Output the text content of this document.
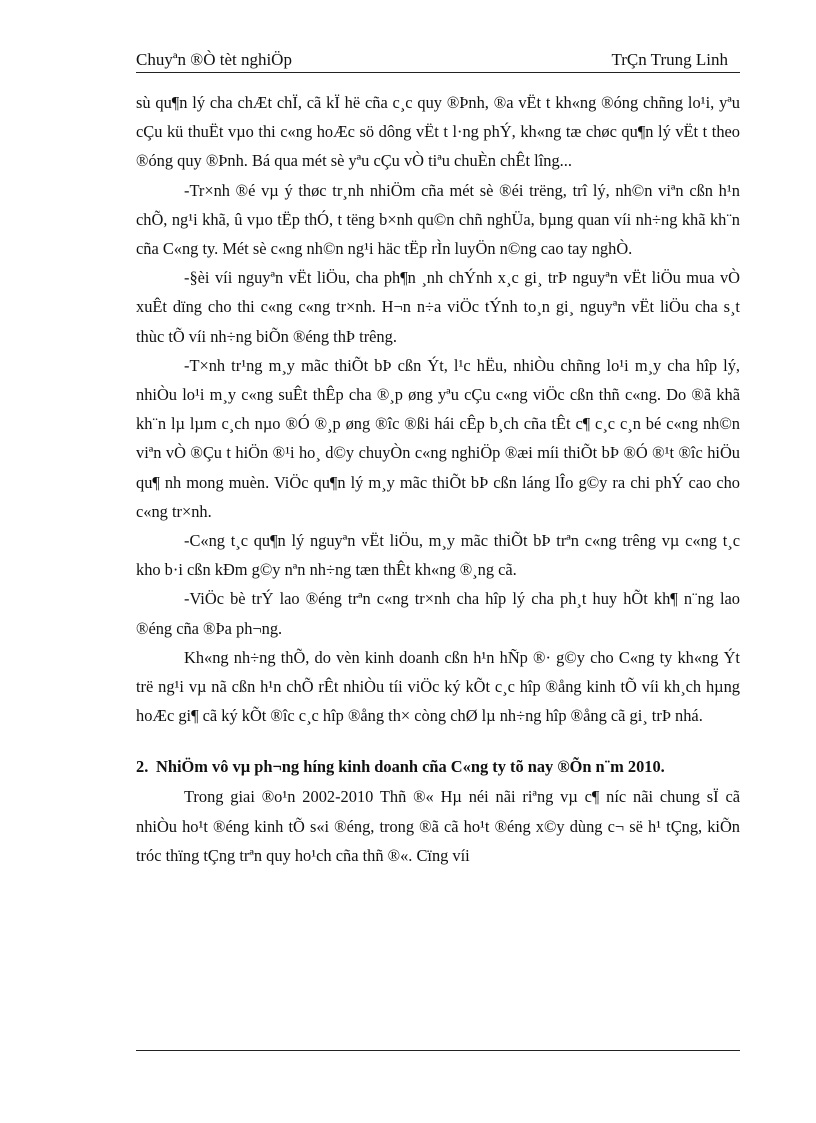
Chuyªn ®Ò tèt nghiÖp	TrÇn Trung Linh

sù qu¶n lý cha chÆt chÏ, cã kÏ hë cña c¸c quy ®Þnh, ®a vËt t kh«ng ®óng chñng lo¹i, yªu cÇu kü thuËt vµo thi c«ng hoÆc sö dông vËt t l·ng phÝ, kh«ng tæ chøc qu¶n lý vËt t theo ®óng quy ®Þnh. Bá qua mét sè yªu cÇu vÒ tiªu chuÈn chÊt lîng...

-Tr×nh ®é vµ ý thøc tr¸nh nhiÖm cña mét sè ®éi trëng, trî lý, nh©n viªn cßn h¹n chÕ, ng¹i khã, û vµo tËp thÓ, t tëng b×nh qu©n chñ nghÜa, bµng quan víi nh÷ng khã kh¨n cña C«ng ty. Mét sè c«ng nh©n ng¹i häc tËp rÌn luyÖn n©ng cao tay nghÒ.

-§èi víi nguyªn vËt liÖu, cha ph¶n ¸nh chÝnh x¸c gi¸ trÞ nguyªn vËt liÖu mua vÒ xuÊt dïng cho thi c«ng c«ng tr×nh. H¬n n÷a viÖc tÝnh to¸n gi¸ nguyªn vËt liÖu cha s¸t thùc tÕ víi nh÷ng biÕn ®éng thÞ trêng.

-T×nh tr¹ng m¸y mãc thiÕt bÞ cßn Ýt, l¹c hËu, nhiÒu chñng lo¹i m¸y cha hîp lý, nhiÒu lo¹i m¸y c«ng suÊt thÊp cha ®¸p øng yªu cÇu c«ng viÖc cßn thñ c«ng. Do ®ã khã kh¨n lµ lµm c¸ch nµo ®Ó ®¸p øng ®îc ®ßi hái cÊp b¸ch cña tÊt c¶ c¸c c¸n bé c«ng nh©n viªn vÒ ®Çu t hiÖn ®¹i ho¸ d©y chuyÒn c«ng nghiÖp ®æi míi thiÕt bÞ ®Ó ®¹t ®îc hiÖu qu¶ nh mong muèn. ViÖc qu¶n lý m¸y mãc thiÕt bÞ cßn láng lÎo g©y ra chi phÝ cao cho c«ng tr×nh.

-C«ng t¸c qu¶n lý nguyªn vËt liÖu, m¸y mãc thiÕt bÞ trªn c«ng trêng vµ c«ng t¸c kho b·i cßn kÐm g©y nªn nh÷ng tæn thÊt kh«ng ®¸ng cã.

-ViÖc bè trÝ lao ®éng trªn c«ng tr×nh cha hîp lý cha ph¸t huy hÕt kh¶ n¨ng lao ®éng cña ®Þa ph¬ng.

Kh«ng nh÷ng thÕ, do vèn kinh doanh cßn h¹n hÑp ®· g©y cho C«ng ty kh«ng Ýt trë ng¹i vµ nã cßn h¹n chÕ rÊt nhiÒu tíi viÖc ký kÕt c¸c hîp ®ång kinh tÕ víi kh¸ch hµng hoÆc gi¶ cã ký kÕt ®îc c¸c hîp ®ång th× còng chØ lµ nh÷ng hîp ®ång cã gi¸ trÞ nhá.

2. NhiÖm vô vµ ph¬ng híng kinh doanh cña C«ng ty tõ nay ®Õn n¨m 2010.

Trong giai ®o¹n 2002-2010 Thñ ®« Hµ néi nãi riªng vµ c¶ níc nãi chung sÏ cã nhiÒu ho¹t ®éng kinh tÕ s«i ®éng, trong ®ã cã ho¹t ®éng x©y dùng c¬ së h¹ tÇng, kiÕn tróc thïng tÇng trªn quy ho¹ch cña thñ ®«. Cïng víi
